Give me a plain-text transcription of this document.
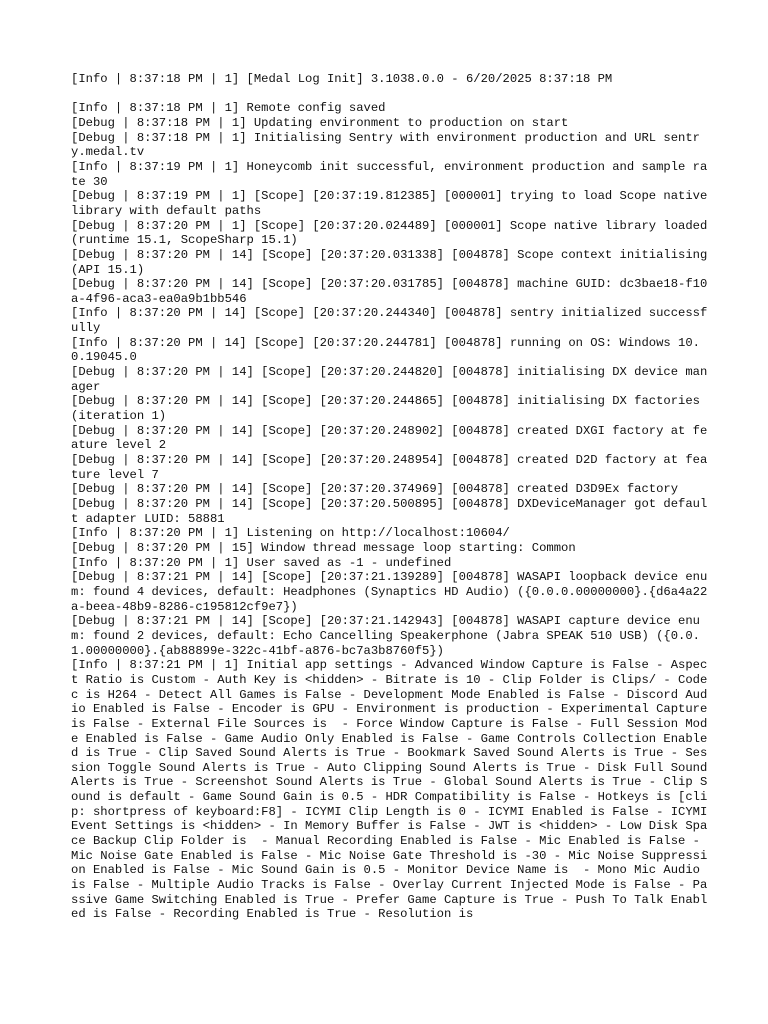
[Info | 8:37:18 PM | 1] [Medal Log Init] 3.1038.0.0 - 6/20/2025 8:37:18 PM

[Info | 8:37:18 PM | 1] Remote config saved

[Debug | 8:37:18 PM | 1] Updating environment to production on start

[Debug | 8:37:18 PM | 1] Initialising Sentry with environment production and URL sentry.medal.tv

[Info | 8:37:19 PM | 1] Honeycomb init successful, environment production and sample rate 30

[Debug | 8:37:19 PM | 1] [Scope] [20:37:19.812385] [000001] trying to load Scope native library with default paths

[Debug | 8:37:20 PM | 1] [Scope] [20:37:20.024489] [000001] Scope native library loaded (runtime 15.1, ScopeSharp 15.1)

[Debug | 8:37:20 PM | 14] [Scope] [20:37:20.031338] [004878] Scope context initialising (API 15.1)

[Debug | 8:37:20 PM | 14] [Scope] [20:37:20.031785] [004878] machine GUID: dc3bae18-f10a-4f96-aca3-ea0a9b1bb546

[Info | 8:37:20 PM | 14] [Scope] [20:37:20.244340] [004878] sentry initialized successfully

[Info | 8:37:20 PM | 14] [Scope] [20:37:20.244781] [004878] running on OS: Windows 10.0.19045.0

[Debug | 8:37:20 PM | 14] [Scope] [20:37:20.244820] [004878] initialising DX device manager

[Debug | 8:37:20 PM | 14] [Scope] [20:37:20.244865] [004878] initialising DX factories (iteration 1)

[Debug | 8:37:20 PM | 14] [Scope] [20:37:20.248902] [004878] created DXGI factory at feature level 2

[Debug | 8:37:20 PM | 14] [Scope] [20:37:20.248954] [004878] created D2D factory at feature level 7

[Debug | 8:37:20 PM | 14] [Scope] [20:37:20.374969] [004878] created D3D9Ex factory

[Debug | 8:37:20 PM | 14] [Scope] [20:37:20.500895] [004878] DXDeviceManager got default adapter LUID: 58881

[Info | 8:37:20 PM | 1] Listening on http://localhost:10604/

[Debug | 8:37:20 PM | 15] Window thread message loop starting: Common

[Info | 8:37:20 PM | 1] User saved as -1 - undefined

[Debug | 8:37:21 PM | 14] [Scope] [20:37:21.139289] [004878] WASAPI loopback device enum: found 4 devices, default: Headphones (Synaptics HD Audio) ({0.0.0.00000000}.{d6a4a22a-beea-48b9-8286-c195812cf9e7})

[Debug | 8:37:21 PM | 14] [Scope] [20:37:21.142943] [004878] WASAPI capture device enum: found 2 devices, default: Echo Cancelling Speakerphone (Jabra SPEAK 510 USB) ({0.0.1.00000000}.{ab88899e-322c-41bf-a876-bc7a3b8760f5})

[Info | 8:37:21 PM | 1] Initial app settings - Advanced Window Capture is False - Aspect Ratio is Custom - Auth Key is <hidden> - Bitrate is 10 - Clip Folder is Clips/ - Codec is H264 - Detect All Games is False - Development Mode Enabled is False - Discord Audio Enabled is False - Encoder is GPU - Environment is production - Experimental Capture is False - External File Sources is  - Force Window Capture is False - Full Session Mode Enabled is False - Game Audio Only Enabled is False - Game Controls Collection Enabled is True - Clip Saved Sound Alerts is True - Bookmark Saved Sound Alerts is True - Session Toggle Sound Alerts is True - Auto Clipping Sound Alerts is True - Disk Full Sound Alerts is True - Screenshot Sound Alerts is True - Global Sound Alerts is True - Clip Sound is default - Game Sound Gain is 0.5 - HDR Compatibility is False - Hotkeys is [clip: shortpress of keyboard:F8] - ICYMI Clip Length is 0 - ICYMI Enabled is False - ICYMI Event Settings is <hidden> - In Memory Buffer is False - JWT is <hidden> - Low Disk Space Backup Clip Folder is  - Manual Recording Enabled is False - Mic Enabled is False - Mic Noise Gate Enabled is False - Mic Noise Gate Threshold is -30 - Mic Noise Suppression Enabled is False - Mic Sound Gain is 0.5 - Monitor Device Name is  - Mono Mic Audio is False - Multiple Audio Tracks is False - Overlay Current Injected Mode is False - Passive Game Switching Enabled is True - Prefer Game Capture is True - Push To Talk Enabled is False - Recording Enabled is True - Resolution is
